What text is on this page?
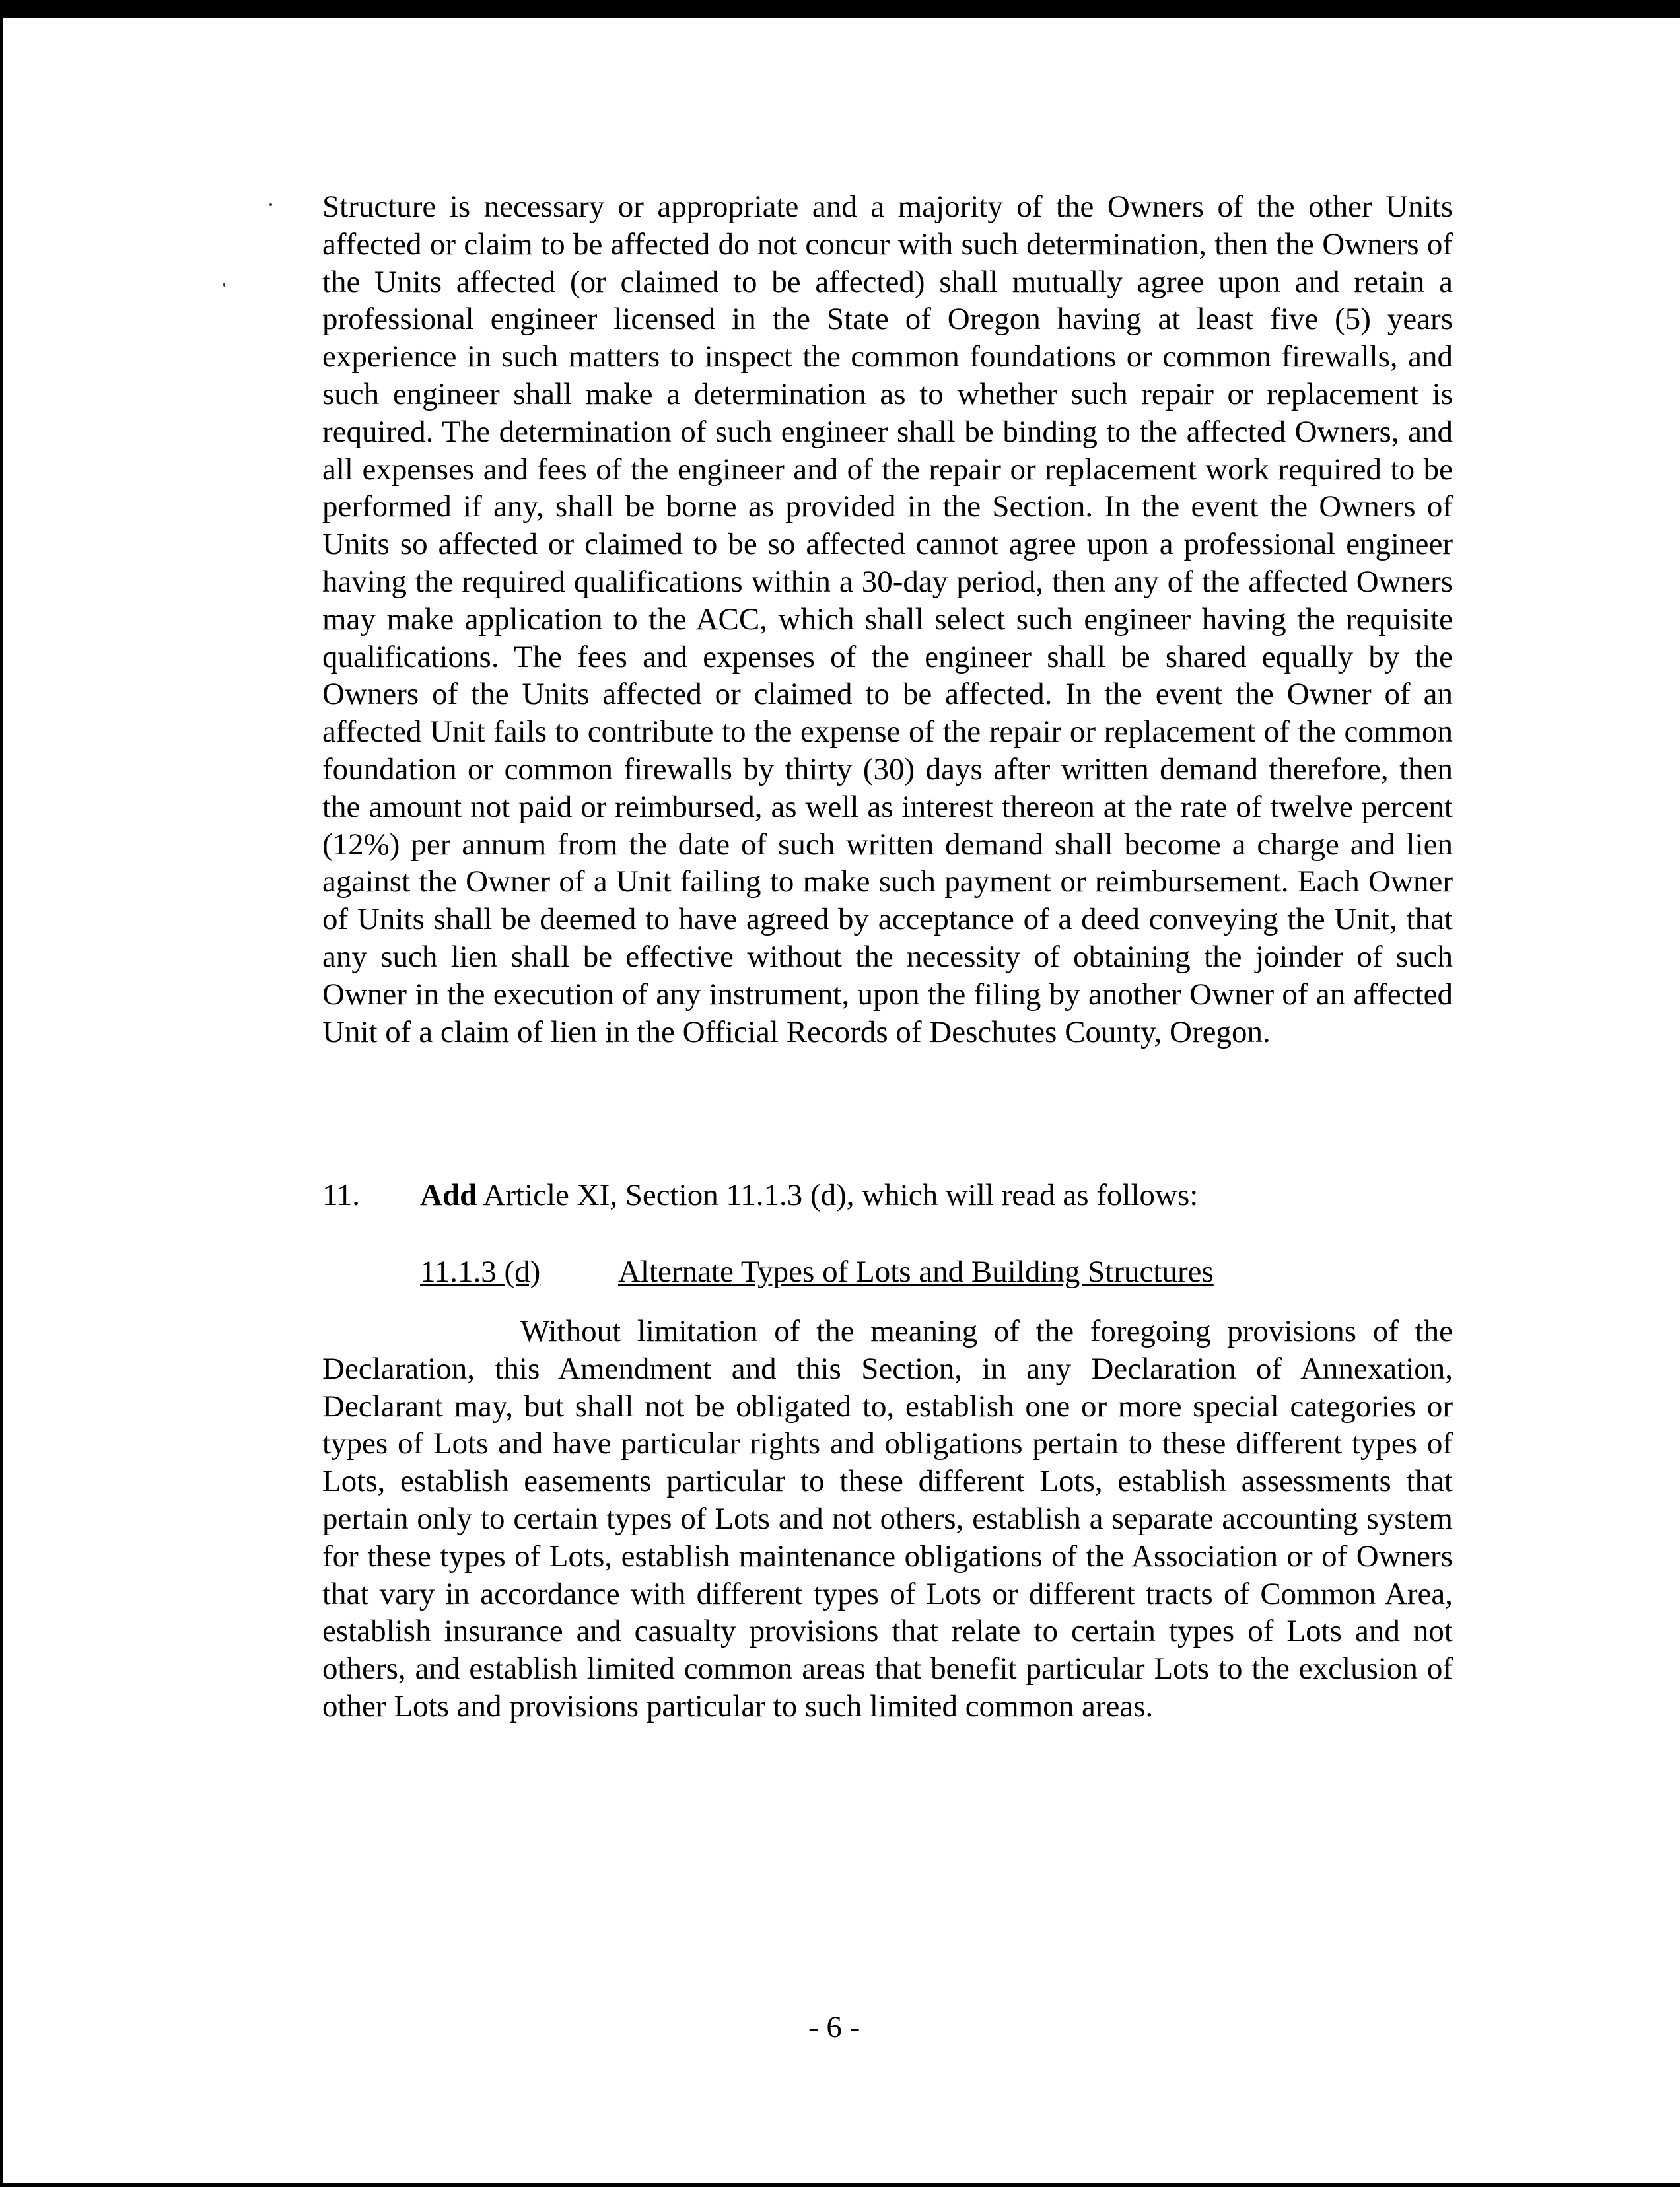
Structure is necessary or appropriate and a majority of the Owners of the other Units affected or claim to be affected do not concur with such determination, then the Owners of the Units affected (or claimed to be affected) shall mutually agree upon and retain a professional engineer licensed in the State of Oregon having at least five (5) years experience in such matters to inspect the common foundations or common firewalls, and such engineer shall make a determination as to whether such repair or replacement is required. The determination of such engineer shall be binding to the affected Owners, and all expenses and fees of the engineer and of the repair or replacement work required to be performed if any, shall be borne as provided in the Section. In the event the Owners of Units so affected or claimed to be so affected cannot agree upon a professional engineer having the required qualifications within a 30-day period, then any of the affected Owners may make application to the ACC, which shall select such engineer having the requisite qualifications. The fees and expenses of the engineer shall be shared equally by the Owners of the Units affected or claimed to be affected. In the event the Owner of an affected Unit fails to contribute to the expense of the repair or replacement of the common foundation or common firewalls by thirty (30) days after written demand therefore, then the amount not paid or reimbursed, as well as interest thereon at the rate of twelve percent (12%) per annum from the date of such written demand shall become a charge and lien against the Owner of a Unit failing to make such payment or reimbursement. Each Owner of Units shall be deemed to have agreed by acceptance of a deed conveying the Unit, that any such lien shall be effective without the necessity of obtaining the joinder of such Owner in the execution of any instrument, upon the filing by another Owner of an affected Unit of a claim of lien in the Official Records of Deschutes County, Oregon.

11. Add Article XI, Section 11.1.3 (d), which will read as follows:
11.1.3 (d)	Alternate Types of Lots and Building Structures

Without limitation of the meaning of the foregoing provisions of the Declaration, this Amendment and this Section, in any Declaration of Annexation, Declarant may, but shall not be obligated to, establish one or more special categories or types of Lots and have particular rights and obligations pertain to these different types of Lots, establish easements particular to these different Lots, establish assessments that pertain only to certain types of Lots and not others, establish a separate accounting system for these types of Lots, establish maintenance obligations of the Association or of Owners that vary in accordance with different types of Lots or different tracts of Common Area, establish insurance and casualty provisions that relate to certain types of Lots and not others, and establish limited common areas that benefit particular Lots to the exclusion of other Lots and provisions particular to such limited common areas.

- 6 -
